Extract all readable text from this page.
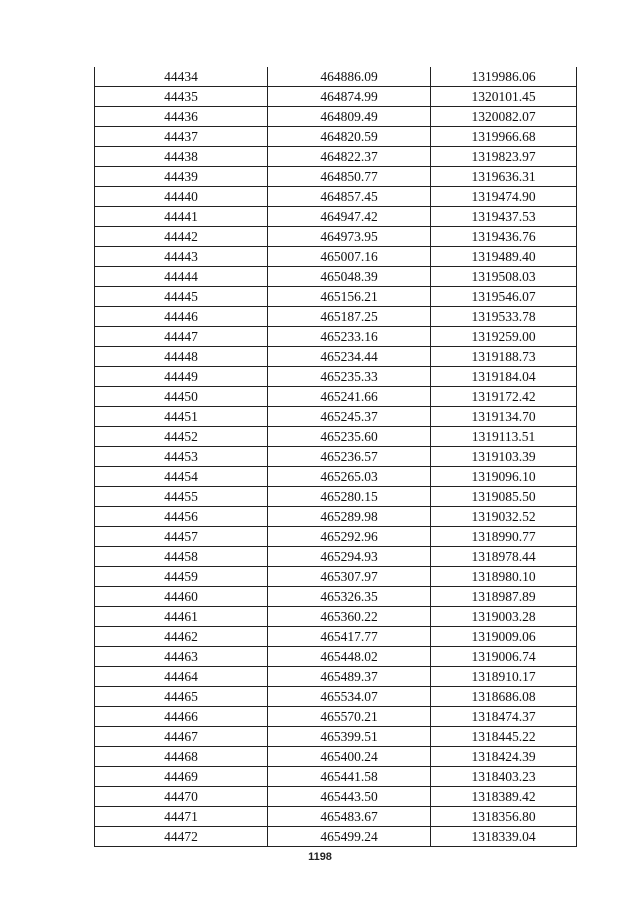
44434	464886.09	1319986.06
44435	464874.99	1320101.45
44436	464809.49	1320082.07
44437	464820.59	1319966.68
44438	464822.37	1319823.97
44439	464850.77	1319636.31
44440	464857.45	1319474.90
44441	464947.42	1319437.53
44442	464973.95	1319436.76
44443	465007.16	1319489.40
44444	465048.39	1319508.03
44445	465156.21	1319546.07
44446	465187.25	1319533.78
44447	465233.16	1319259.00
44448	465234.44	1319188.73
44449	465235.33	1319184.04
44450	465241.66	1319172.42
44451	465245.37	1319134.70
44452	465235.60	1319113.51
44453	465236.57	1319103.39
44454	465265.03	1319096.10
44455	465280.15	1319085.50
44456	465289.98	1319032.52
44457	465292.96	1318990.77
44458	465294.93	1318978.44
44459	465307.97	1318980.10
44460	465326.35	1318987.89
44461	465360.22	1319003.28
44462	465417.77	1319009.06
44463	465448.02	1319006.74
44464	465489.37	1318910.17
44465	465534.07	1318686.08
44466	465570.21	1318474.37
44467	465399.51	1318445.22
44468	465400.24	1318424.39
44469	465441.58	1318403.23
44470	465443.50	1318389.42
44471	465483.67	1318356.80
44472	465499.24	1318339.04
1198
